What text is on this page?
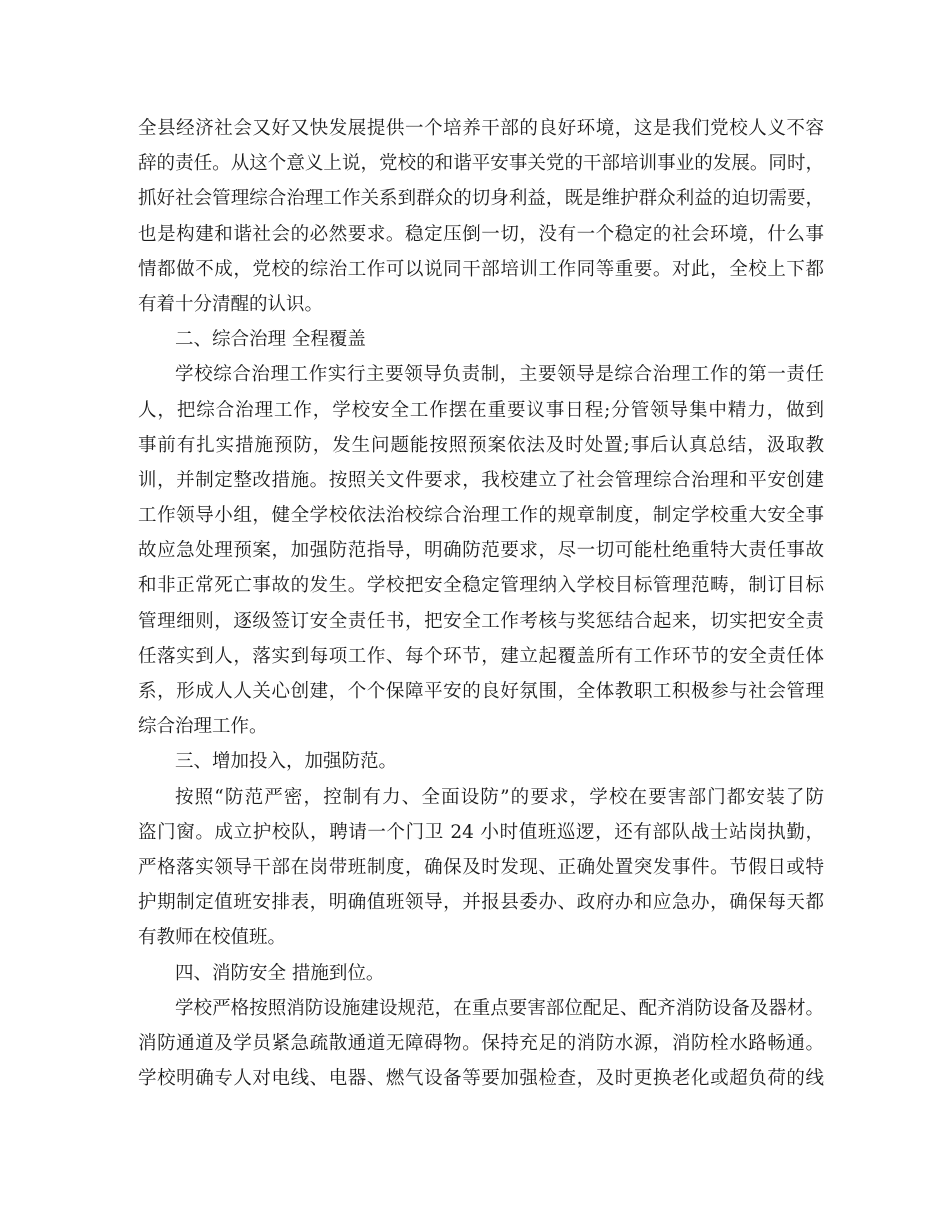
全县经济社会又好又快发展提供一个培养干部的良好环境，这是我们党校人义不容
辞的责任。从这个意义上说，党校的和谐平安事关党的干部培训事业的发展。同时，
抓好社会管理综合治理工作关系到群众的切身利益，既是维护群众利益的迫切需要，
也是构建和谐社会的必然要求。稳定压倒一切，没有一个稳定的社会环境，什么事
情都做不成，党校的综治工作可以说同干部培训工作同等重要。对此，全校上下都
有着十分清醒的认识。
二、综合治理 全程覆盖
学校综合治理工作实行主要领导负责制，主要领导是综合治理工作的第一责任
人，把综合治理工作，学校安全工作摆在重要议事日程;分管领导集中精力，做到
事前有扎实措施预防，发生问题能按照预案依法及时处置;事后认真总结，汲取教
训，并制定整改措施。按照关文件要求，我校建立了社会管理综合治理和平安创建
工作领导小组，健全学校依法治校综合治理工作的规章制度，制定学校重大安全事
故应急处理预案，加强防范指导，明确防范要求，尽一切可能杜绝重特大责任事故
和非正常死亡事故的发生。学校把安全稳定管理纳入学校目标管理范畴，制订目标
管理细则，逐级签订安全责任书，把安全工作考核与奖惩结合起来，切实把安全责
任落实到人，落实到每项工作、每个环节，建立起覆盖所有工作环节的安全责任体
系，形成人人关心创建，个个保障平安的良好氛围，全体教职工积极参与社会管理
综合治理工作。
三、增加投入，加强防范。
按照“防范严密，控制有力、全面设防”的要求，学校在要害部门都安装了防
盗门窗。成立护校队，聘请一个门卫 24 小时值班巡逻，还有部队战士站岗执勤，
严格落实领导干部在岗带班制度，确保及时发现、正确处置突发事件。节假日或特
护期制定值班安排表，明确值班领导，并报县委办、政府办和应急办，确保每天都
有教师在校值班。
四、消防安全 措施到位。
学校严格按照消防设施建设规范，在重点要害部位配足、配齐消防设备及器材。
消防通道及学员紧急疏散通道无障碍物。保持充足的消防水源，消防栓水路畅通。
学校明确专人对电线、电器、燃气设备等要加强检查，及时更换老化或超负荷的线
